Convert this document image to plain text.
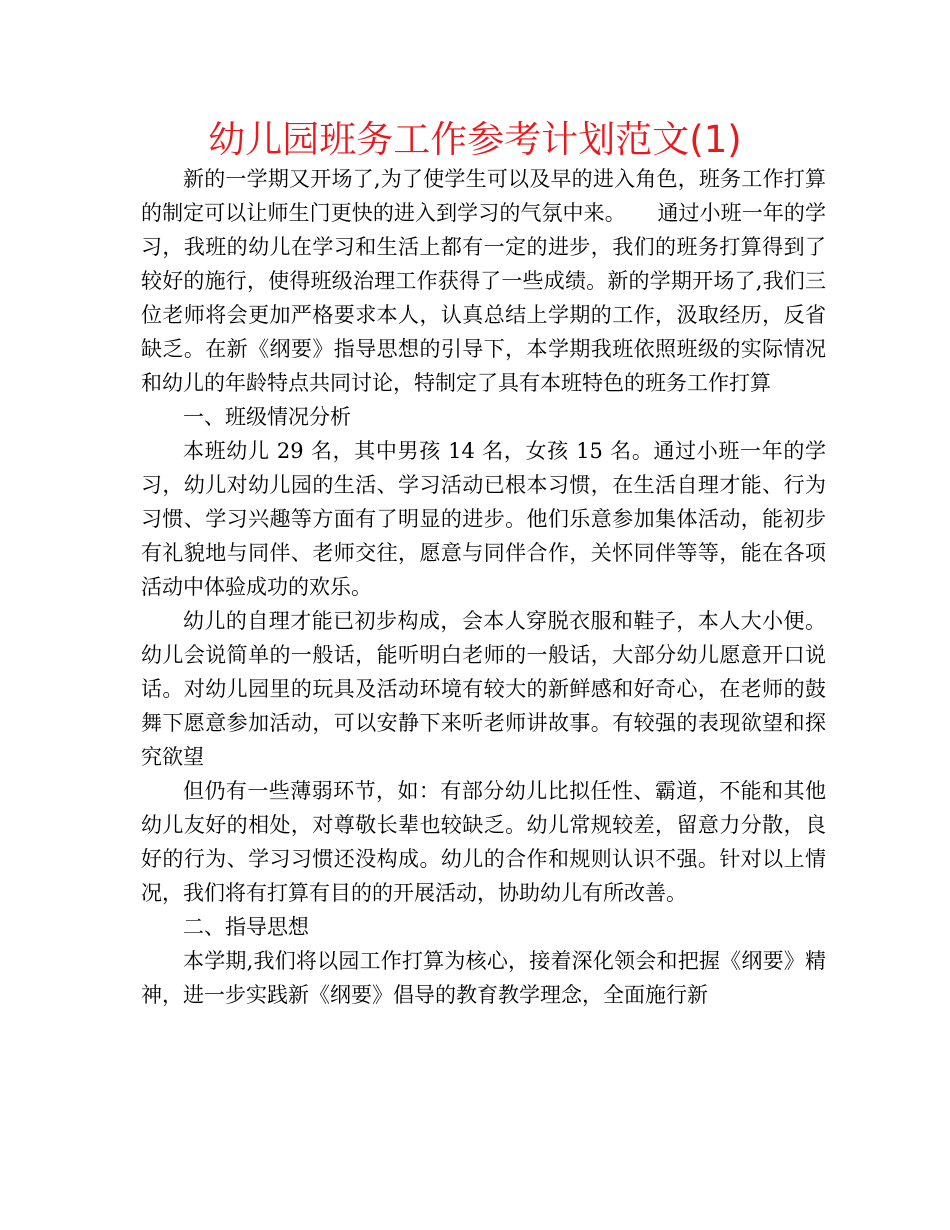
幼儿园班务工作参考计划范文(1)

新的一学期又开场了,为了使学生可以及早的进入角色，班务工作打算的制定可以让师生门更快的进入到学习的气氛中来。　　通过小班一年的学习，我班的幼儿在学习和生活上都有一定的进步，我们的班务打算得到了较好的施行，使得班级治理工作获得了一些成绩。新的学期开场了,我们三位老师将会更加严格要求本人，认真总结上学期的工作，汲取经历，反省缺乏。在新《纲要》指导思想的引导下，本学期我班依照班级的实际情况和幼儿的年龄特点共同讨论，特制定了具有本班特色的班务工作打算

一、班级情况分析

本班幼儿 29 名，其中男孩 14 名，女孩 15 名。通过小班一年的学习，幼儿对幼儿园的生活、学习活动已根本习惯，在生活自理才能、行为习惯、学习兴趣等方面有了明显的进步。他们乐意参加集体活动，能初步有礼貌地与同伴、老师交往，愿意与同伴合作，关怀同伴等等，能在各项活动中体验成功的欢乐。

幼儿的自理才能已初步构成，会本人穿脱衣服和鞋子，本人大小便。幼儿会说简单的一般话，能听明白老师的一般话，大部分幼儿愿意开口说话。对幼儿园里的玩具及活动环境有较大的新鲜感和好奇心，在老师的鼓舞下愿意参加活动，可以安静下来听老师讲故事。有较强的表现欲望和探究欲望

但仍有一些薄弱环节，如：有部分幼儿比拟任性、霸道，不能和其他幼儿友好的相处，对尊敬长辈也较缺乏。幼儿常规较差，留意力分散，良好的行为、学习习惯还没构成。幼儿的合作和规则认识不强。针对以上情况，我们将有打算有目的的开展活动，协助幼儿有所改善。

二、指导思想

本学期,我们将以园工作打算为核心，接着深化领会和把握《纲要》精神，进一步实践新《纲要》倡导的教育教学理念，全面施行新
